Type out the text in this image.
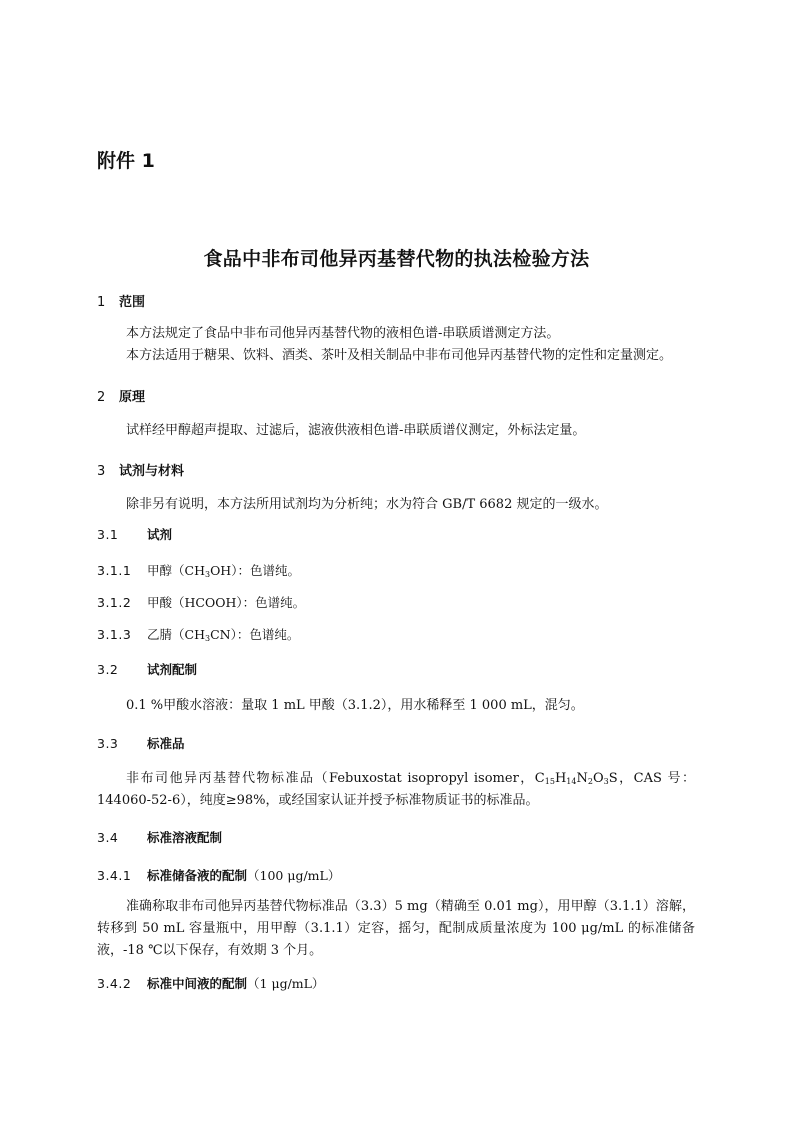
附件 1
食品中非布司他异丙基替代物的执法检验方法
1 范围
本方法规定了食品中非布司他异丙基替代物的液相色谱-串联质谱测定方法。
本方法适用于糖果、饮料、酒类、茶叶及相关制品中非布司他异丙基替代物的定性和定量测定。
2 原理
试样经甲醇超声提取、过滤后，滤液供液相色谱-串联质谱仪测定，外标法定量。
3 试剂与材料
除非另有说明，本方法所用试剂均为分析纯；水为符合 GB/T 6682 规定的一级水。
3.1 试剂
3.1.1 甲醇$(CH_3OH)$：色谱纯。
3.1.2 甲酸（HCOOH）：色谱纯。
3.1.3 乙腈$(CH_3CN)$：色谱纯。
3.2 试剂配制
0.1 %甲酸水溶液：量取 1 mL 甲酸（3.1.2），用水稀释至 1 000 mL，混匀。
3.3 标准品
非布司他异丙基替代物标准品（Febuxostat isopropyl isomer，$C_{15}H_{14}N_2O_3S$，CAS 号：144060-52-6），纯度≥98%，或经国家认证并授予标准物质证书的标准品。
3.4 标准溶液配制
3.4.1 标准储备液的配制（100 μg/mL）
准确称取非布司他异丙基替代物标准品（3.3）5 mg（精确至 0.01 mg），用甲醇（3.1.1）溶解，转移到 50 mL 容量瓶中，用甲醇（3.1.1）定容，摇匀，配制成质量浓度为 100 μg/mL 的标准储备液，-18 ℃以下保存，有效期 3 个月。
3.4.2 标准中间液的配制（1 μg/mL）
